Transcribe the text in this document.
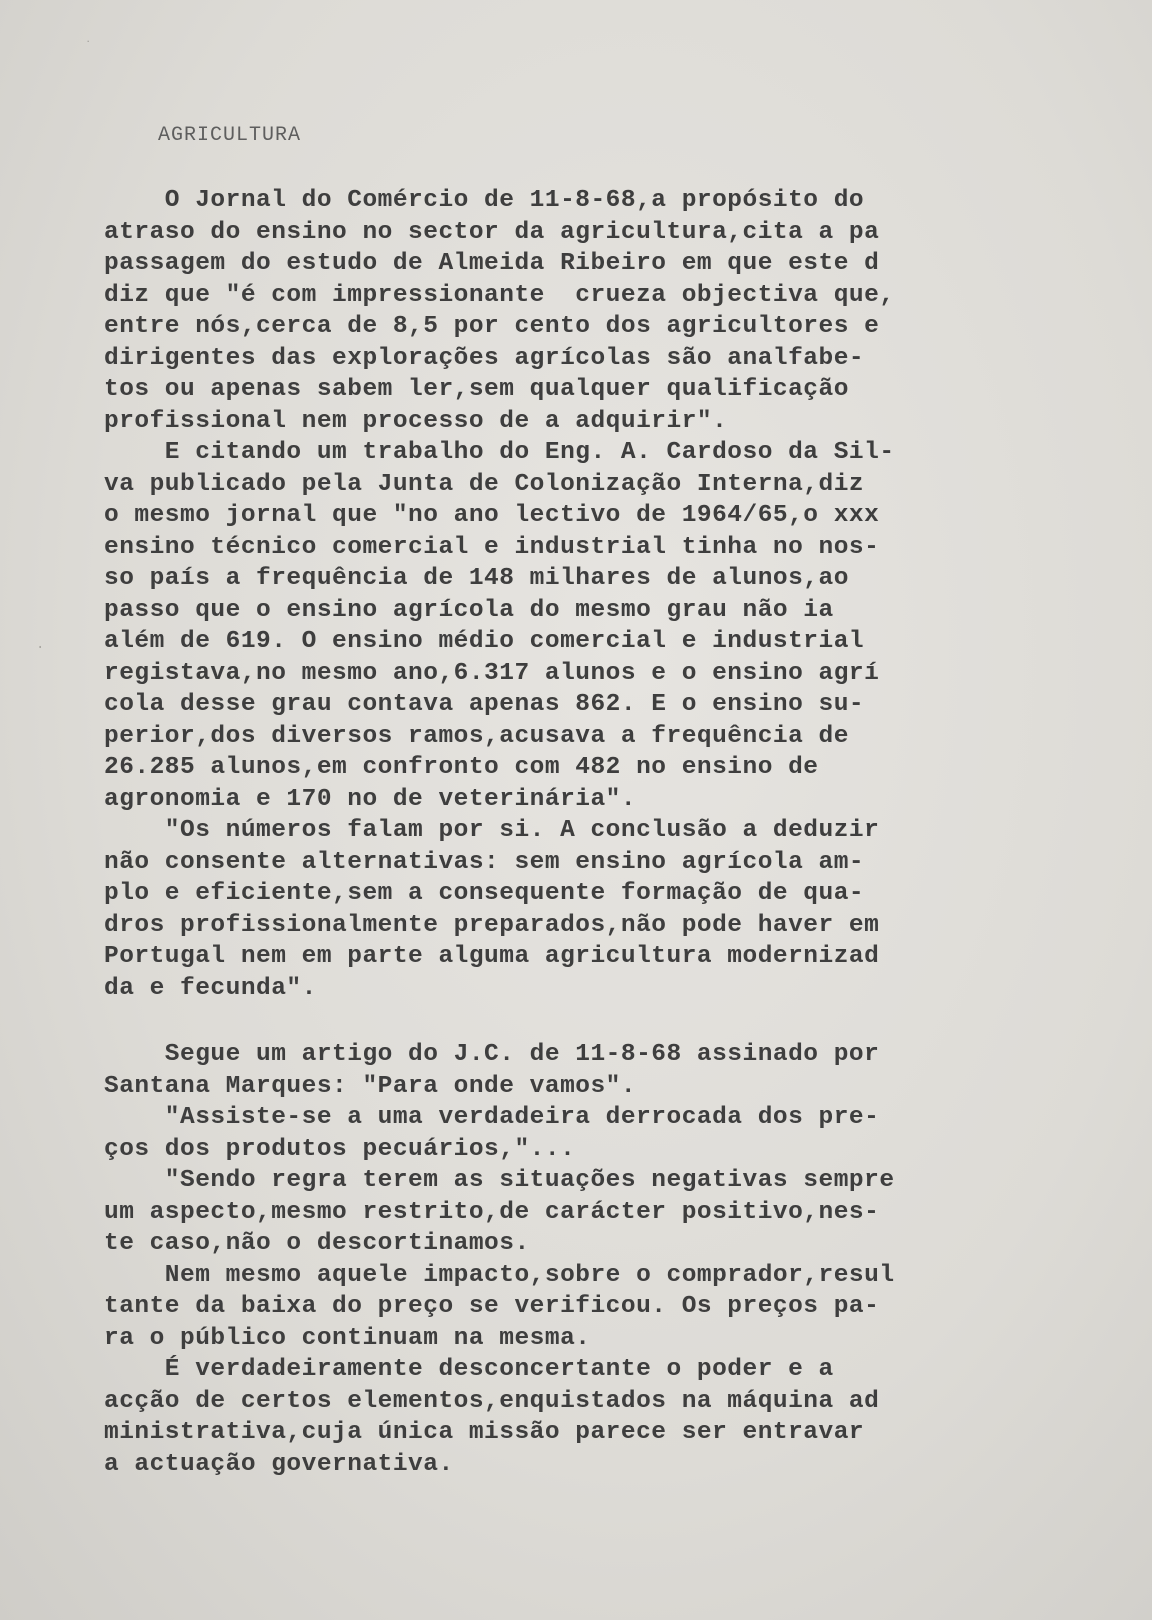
˙
·
AGRICULTURA
O Jornal do Comércio de 11-8-68,a propósito do
atraso do ensino no sector da agricultura,cita a pa
passagem do estudo de Almeida Ribeiro em que este d
diz que "é com impressionante  crueza objectiva que,
entre nós,cerca de 8,5 por cento dos agricultores e
dirigentes das explorações agrícolas são analfabe-
tos ou apenas sabem ler,sem qualquer qualificação
profissional nem processo de a adquirir".
E citando um trabalho do Eng. A. Cardoso da Sil-
va publicado pela Junta de Colonização Interna,diz
o mesmo jornal que "no ano lectivo de 1964/65,o xxx
ensino técnico comercial e industrial tinha no nos-
so país a frequência de 148 milhares de alunos,ao
passo que o ensino agrícola do mesmo grau não ia
além de 619. O ensino médio comercial e industrial
registava,no mesmo ano,6.317 alunos e o ensino agrí
cola desse grau contava apenas 862. E o ensino su-
perior,dos diversos ramos,acusava a frequência de
26.285 alunos,em confronto com 482 no ensino de
agronomia e 170 no de veterinária".
"Os números falam por si. A conclusão a deduzir
não consente alternativas: sem ensino agrícola am-
plo e eficiente,sem a consequente formação de qua-
dros profissionalmente preparados,não pode haver em
Portugal nem em parte alguma agricultura modernizad
da e fecunda".
Segue um artigo do J.C. de 11-8-68 assinado por
Santana Marques: "Para onde vamos".
"Assiste-se a uma verdadeira derrocada dos pre-
ços dos produtos pecuários,"...
"Sendo regra terem as situações negativas sempre
um aspecto,mesmo restrito,de carácter positivo,nes-
te caso,não o descortinamos.
Nem mesmo aquele impacto,sobre o comprador,resul
tante da baixa do preço se verificou. Os preços pa-
ra o público continuam na mesma.
É verdadeiramente desconcertante o poder e a
acção de certos elementos,enquistados na máquina ad
ministrativa,cuja única missão parece ser entravar
a actuação governativa.
